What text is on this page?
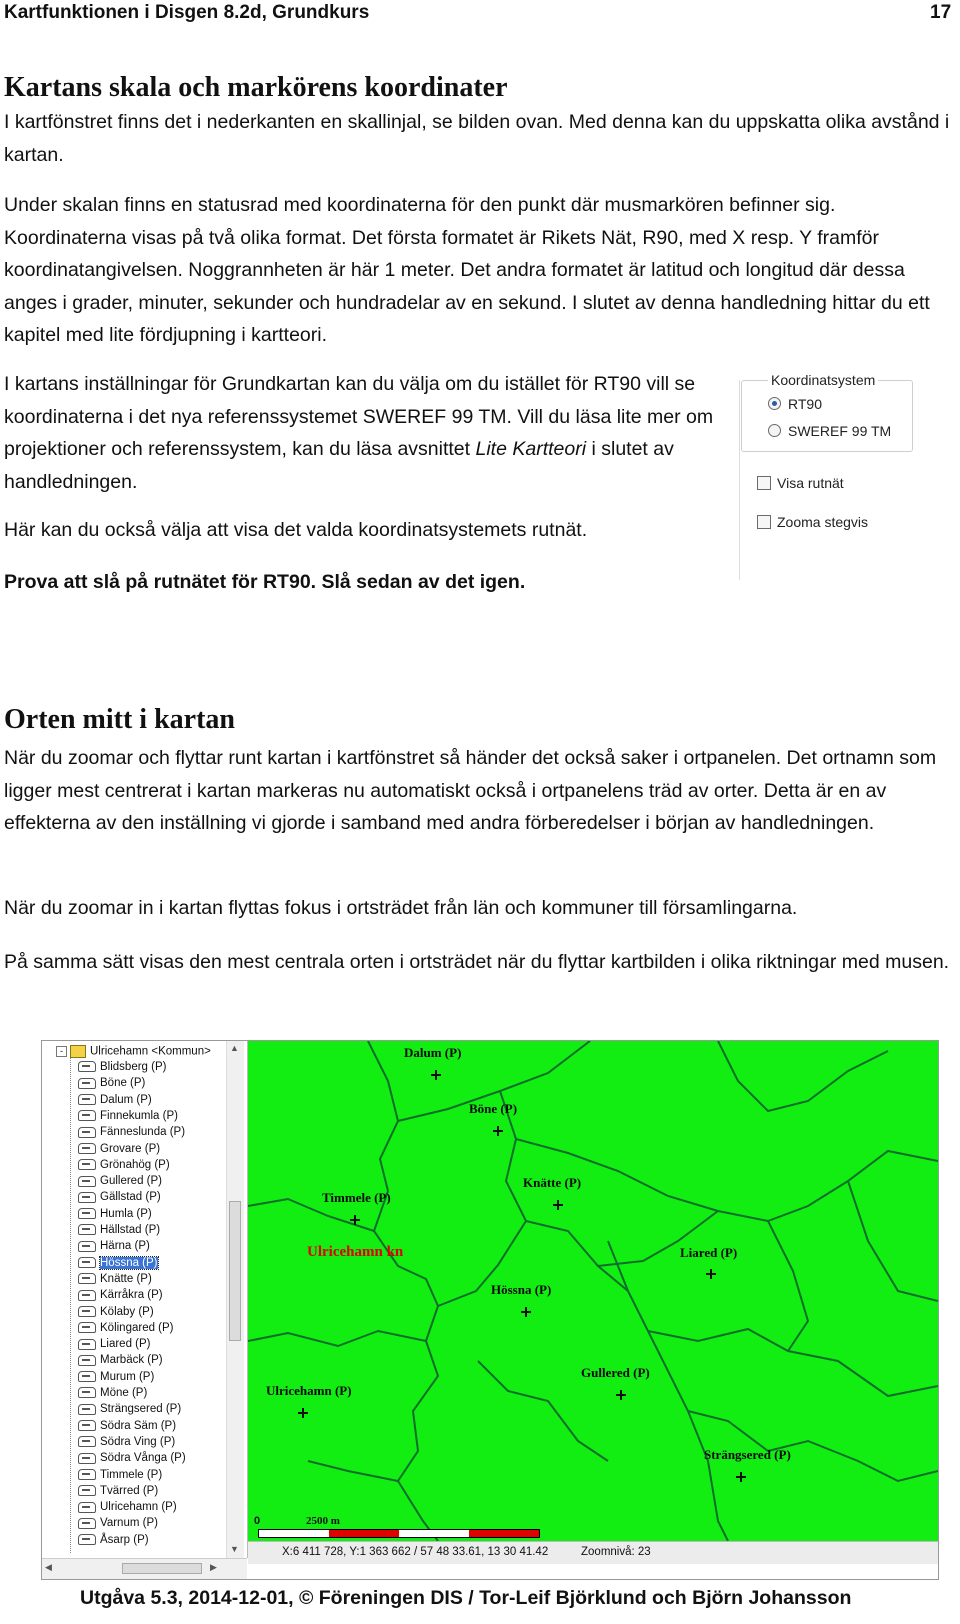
Kartfunktionen i Disgen 8.2d, Grundkurs	17
Kartans skala och markörens koordinater

I kartfönstret finns det i nederkanten en skallinjal, se bilden ovan. Med denna kan du uppskatta olika avstånd i kartan.

Under skalan finns en statusrad med koordinaterna för den punkt där musmarkören befinner sig. Koordinaterna visas på två olika format. Det första formatet är Rikets Nät, R90, med X resp. Y framför koordinatangivelsen. Noggrannheten är här 1 meter. Det andra formatet är latitud och longitud där dessa anges i grader, minuter, sekunder och hundradelar av en sekund. I slutet av denna handledning hittar du ett kapitel med lite fördjupning i kartteori.

I kartans inställningar för Grundkartan kan du välja om du istället för RT90 vill se koordinaterna i det nya referenssystemet SWEREF 99 TM. Vill du läsa lite mer om projektioner och referenssystem, kan du läsa avsnittet Lite Kartteori i slutet av handledningen.

Här kan du också välja att visa det valda koordinatsystemets rutnät.

Prova att slå på rutnätet för RT90. Slå sedan av det igen.

Koordinatsystem
RT90
SWEREF 99 TM
Visa rutnät
Zooma stegvis
Orten mitt i kartan

När du zoomar och flyttar runt kartan i kartfönstret så händer det också saker i ortpanelen. Det ortnamn som ligger mest centrerat i kartan markeras nu automatiskt också i ortpanelens träd av orter. Detta är en av effekterna av den inställning vi gjorde i samband med andra förberedelser i början av handledningen.

När du zoomar in i kartan flyttas fokus i ortsträdet från län och kommuner till församlingarna.

På samma sätt visas den mest centrala orten i ortsträdet när du flyttar kartbilden i olika riktningar med musen.

- Ulricehamn <Kommun>
Blidsberg (P)
Böne (P)
Dalum (P)
Finnekumla (P)
Fänneslunda (P)
Grovare (P)
Grönahög (P)
Gullered (P)
Gällstad (P)
Humla (P)
Hällstad (P)
Härna (P)
Hössna (P)
Knätte (P)
Kärråkra (P)
Kölaby (P)
Kölingared (P)
Liared (P)
Marbäck (P)
Murum (P)
Möne (P)
Strängsered (P)
Södra Säm (P)
Södra Ving (P)
Södra Vånga (P)
Timmele (P)
Tvärred (P)
Ulricehamn (P)
Varnum (P)
Åsarp (P)
▲
▼
◀	▶
Dalum (P)
Böne (P)
Knätte (P)
Timmele (P)
Ulricehamn kn	Liared (P)
Hössna (P)
Gullered (P)
Ulricehamn (P)
Strängsered (P)
0	2500 m
X:6 411 728, Y:1 363 662 / 57 48 33.61, 13 30 41.42	Zoomnivå: 23
Utgåva 5.3, 2014-12-01, © Föreningen DIS / Tor-Leif Björklund och Björn Johansson
